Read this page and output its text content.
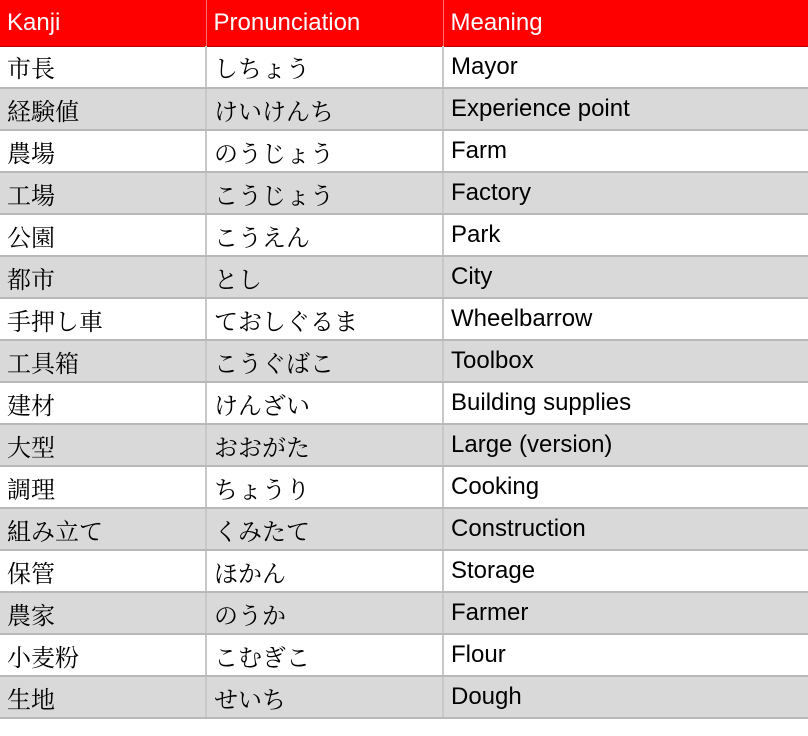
Kanji	Pronunciation	Meaning
市長	しちょう	Mayor
経験値	けいけんち	Experience point
農場	のうじょう	Farm
工場	こうじょう	Factory
公園	こうえん	Park
都市	とし	City
手押し車	ておしぐるま	Wheelbarrow
工具箱	こうぐばこ	Toolbox
建材	けんざい	Building supplies
大型	おおがた	Large (version)
調理	ちょうり	Cooking
組み立て	くみたて	Construction
保管	ほかん	Storage
農家	のうか	Farmer
小麦粉	こむぎこ	Flour
生地	せいち	Dough
